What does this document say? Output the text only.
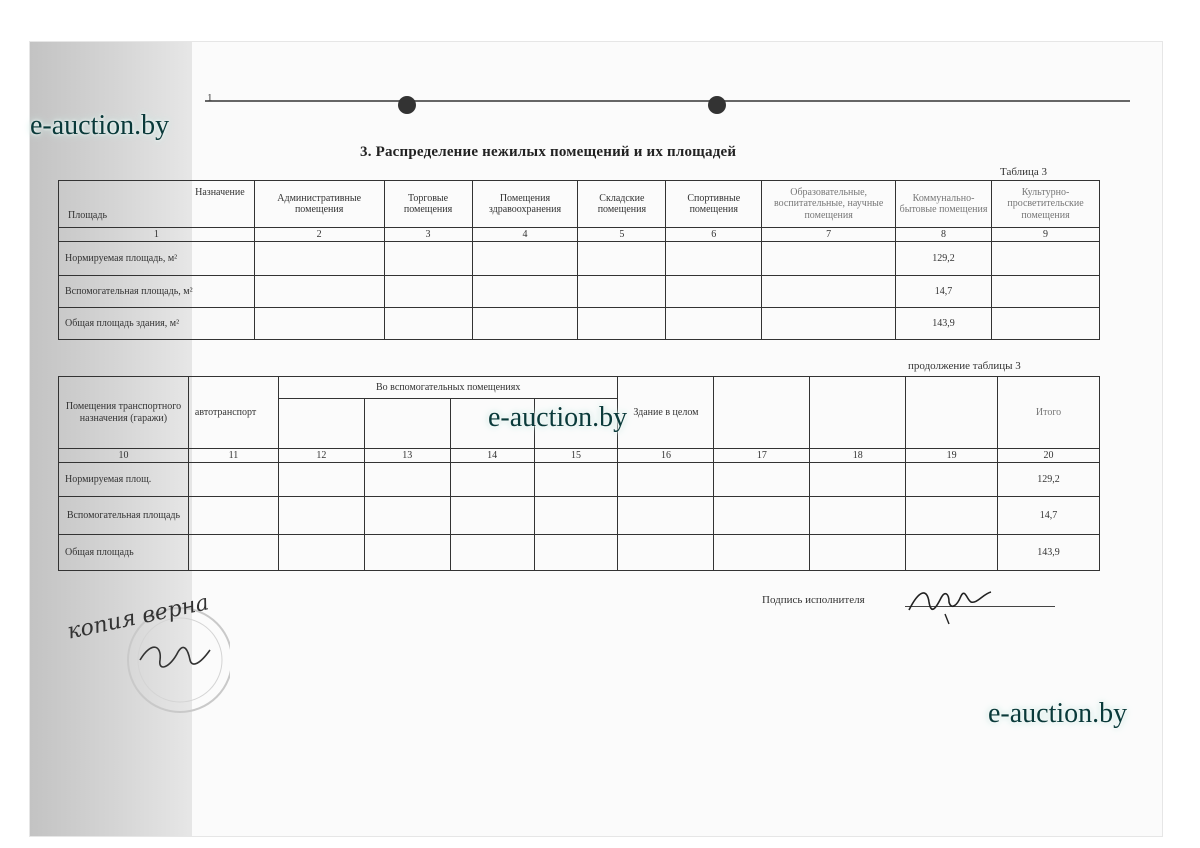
1
3. Распределение нежилых помещений и их площадей
Таблица 3
Назначение
Площадь	Административные помещения	Торговые помещения	Помещения здравоохранения	Складские помещения	Спортивные помещения	Образовательные, воспитательные, научные помещения	Коммунально-бытовые помещения	Культурно-просветительские помещения
1	2	3	4	5	6	7	8	9
Нормируемая площадь, м²							129,2	
Вспомогательная площадь, м²							14,7	
Общая площадь здания, м²							143,9	
продолжение таблицы 3
Помещения транспортного назначения (гаражи)	автотранспорт	Во вспомогательных помещениях				Здание в целом				Итого

10	11	12	13	14	15	16	17	18	19	20
Нормируемая площ.										129,2
Вспомогательная площадь										14,7
Общая площадь										143,9
Подпись исполнителя
копия верна
e-auction.by
e-auction.by
e-auction.by
